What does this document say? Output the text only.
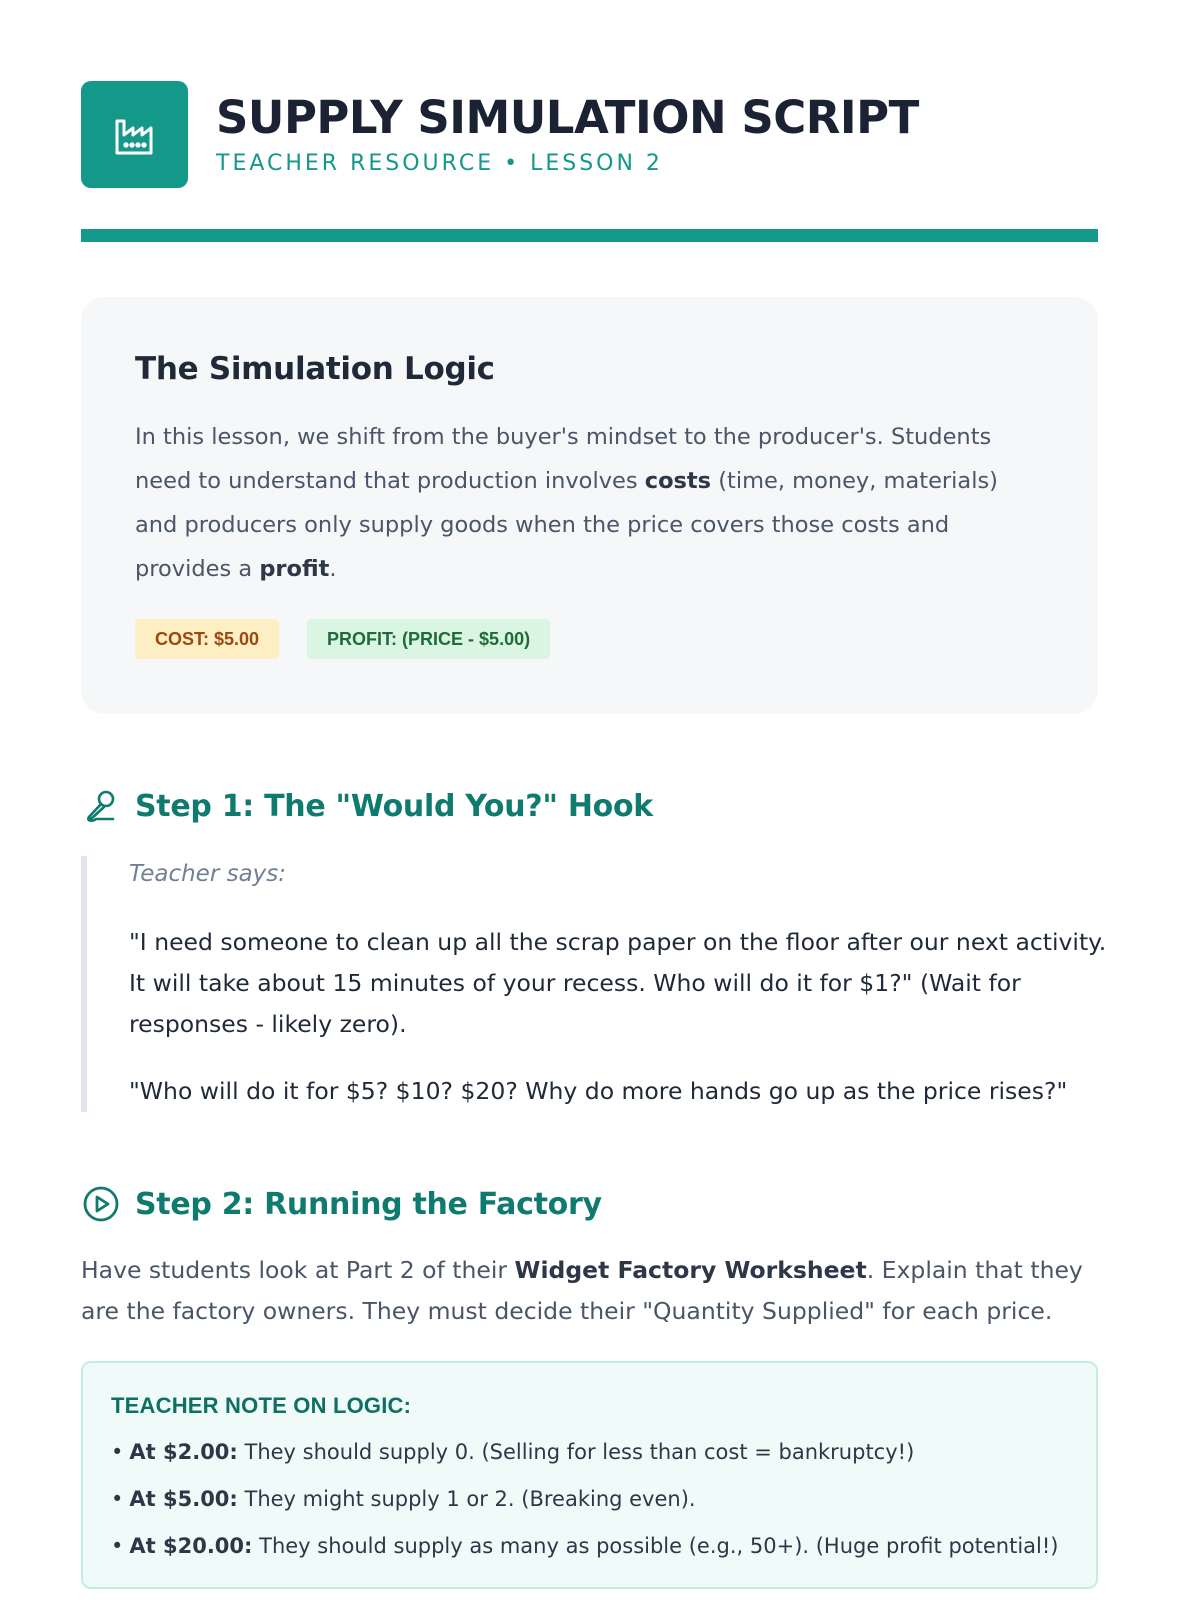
SUPPLY SIMULATION SCRIPT
TEACHER RESOURCE • LESSON 2
The Simulation Logic
In this lesson, we shift from the buyer's mindset to the producer's. Students need to understand that production involves costs (time, money, materials) and producers only supply goods when the price covers those costs and provides a profit.
COST: $5.00	PROFIT: (PRICE - $5.00)
Step 1: The "Would You?" Hook
Teacher says:

"I need someone to clean up all the scrap paper on the floor after our next activity. It will take about 15 minutes of your recess. Who will do it for $1?" (Wait for responses - likely zero).

"Who will do it for $5? $10? $20? Why do more hands go up as the price rises?"

Step 2: Running the Factory
Have students look at Part 2 of their Widget Factory Worksheet. Explain that they are the factory owners. They must decide their "Quantity Supplied" for each price.
TEACHER NOTE ON LOGIC:
• At $2.00: They should supply 0. (Selling for less than cost = bankruptcy!)
• At $5.00: They might supply 1 or 2. (Breaking even).
• At $20.00: They should supply as many as possible (e.g., 50+). (Huge profit potential!)
